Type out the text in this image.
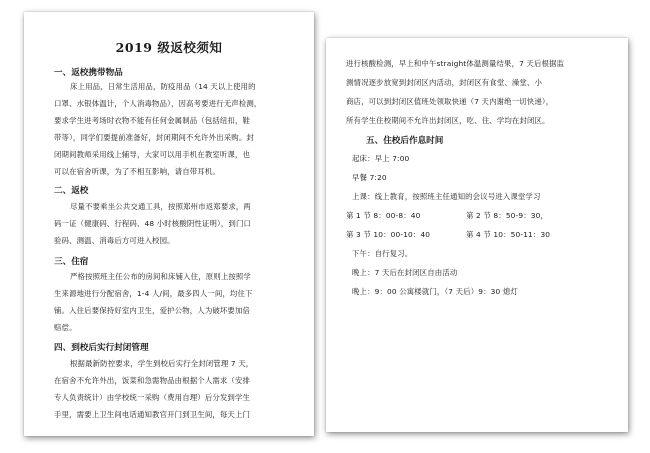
2019 级返校须知
一、返校携带物品
床上用品，日常生活用品，防疫用品（14 天以上使用的
口罩、水银体温计，个人消毒物品），因高考要进行无声检测，
要求学生进考场时衣物不能有任何金属制品（包括纽扣，鞋
带等），同学们要提前准备好，封闭期间不允许外出采购。封
闭期间教师采用线上辅导，大家可以用手机在教室听课，也
可以在宿舍听课，为了不相互影响，请自带耳机。
二、返校
尽量不要乘坐公共交通工具，按照郑州市返郑要求，两
码一证（健康码、行程码、48 小时核酸阴性证明），到门口
验码、测温、消毒后方可进入校园。
三、住宿
严格按照班主任公布的房间和床铺入住，原则上按照学
生来源地进行分配宿舍，1-4 人/间，最多四人一间，均住下
铺。入住后要保持好室内卫生，爱护公物，人为破坏要加倍
赔偿。
四、到校后实行封闭管理
根据最新防控要求，学生到校后实行全封闭管理 7 天，
在宿舍不允许外出，饭菜和急需物品由根据个人需求（安排
专人负责统计）由学校统一采购（费用自理）后分发到学生
手里，需要上卫生间电话通知教官开门到卫生间，每天上门
进行核酸检测，早上和中午straight体温测量结果，7 天后根据监
测情况逐步放宽到封闭区内活动，封闭区有食堂、澡堂、小
商店，可以到封闭区值班处领取快递（7 天内谢绝一切快递），
所有学生住校期间不允许出封闭区，吃、住、学均在封闭区。
五、住校后作息时间
起床：早上 7:00
早餐 7:20
上课：线上教育，按照班主任通知的会议号进入课堂学习
第 1 节 8：00-8：40	第 2 节 8：50-9：30，
第 3 节 10：00-10：40	第 4 节 10：50-11：30
下午：自行复习。
晚上：7 天后在封闭区自由活动
晚上：9：00 公寓楼就门，（7 天后）9：30 熄灯
